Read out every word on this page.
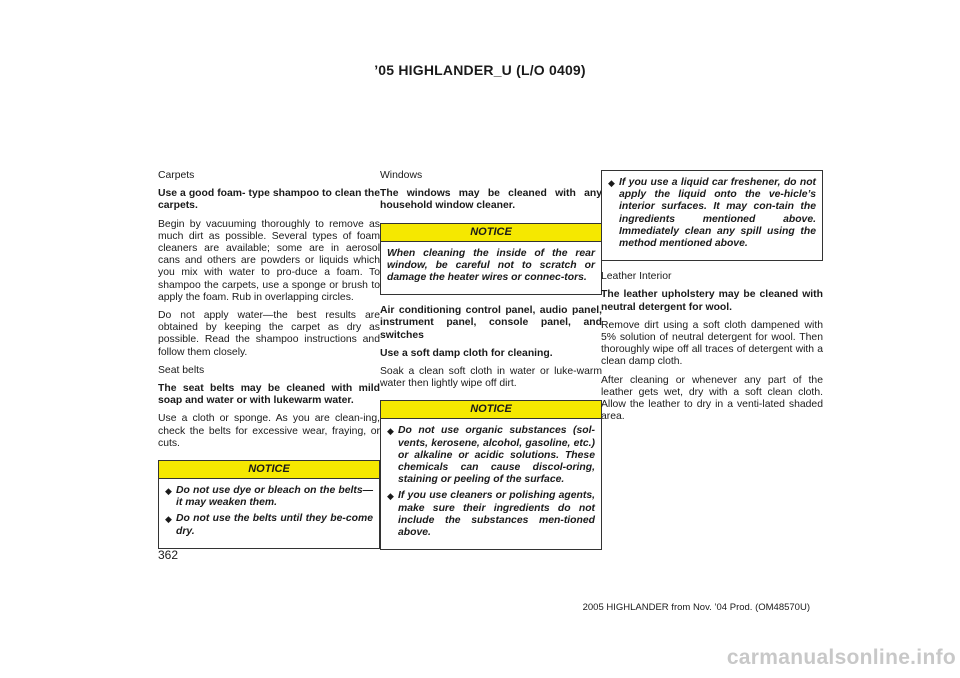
’05 HIGHLANDER_U (L/O 0409)
Carpets
Use a good foam- type shampoo to clean the carpets.
Begin by vacuuming thoroughly to remove as much dirt as possible. Several types of foam cleaners are available; some are in aerosol cans and others are powders or liquids which you mix with water to pro-duce a foam. To shampoo the carpets, use a sponge or brush to apply the foam. Rub in overlapping circles.
Do not apply water—the best results are obtained by keeping the carpet as dry as possible. Read the shampoo instructions and follow them closely.
Seat belts
The seat belts may be cleaned with mild soap and water or with lukewarm water.
Use a cloth or sponge. As you are clean-ing, check the belts for excessive wear, fraying, or cuts.
NOTICE
◆ Do not use dye or bleach on the belts—it may weaken them.
◆ Do not use the belts until they be-come dry.
Windows
The windows may be cleaned with any household window cleaner.
NOTICE
When cleaning the inside of the rear window, be careful not to scratch or damage the heater wires or connec-tors.
Air conditioning control panel, audio panel, instrument panel, console panel, and switches
Use a soft damp cloth for cleaning.
Soak a clean soft cloth in water or luke-warm water then lightly wipe off dirt.
NOTICE
◆ Do not use organic substances (sol-vents, kerosene, alcohol, gasoline, etc.) or alkaline or acidic solutions. These chemicals can cause discol-oring, staining or peeling of the surface.
◆ If you use cleaners or polishing agents, make sure their ingredients do not include the substances men-tioned above.
◆ If you use a liquid car freshener, do not apply the liquid onto the ve-hicle’s interior surfaces. It may con-tain the ingredients mentioned above. Immediately clean any spill using the method mentioned above.
Leather Interior
The leather upholstery may be cleaned with neutral detergent for wool.
Remove dirt using a soft cloth dampened with 5% solution of neutral detergent for wool. Then thoroughly wipe off all traces of detergent with a clean damp cloth.
After cleaning or whenever any part of the leather gets wet, dry with a soft clean cloth. Allow the leather to dry in a venti-lated shaded area.
362
2005 HIGHLANDER from Nov. ’04 Prod. (OM48570U)
carmanualsonline.info
